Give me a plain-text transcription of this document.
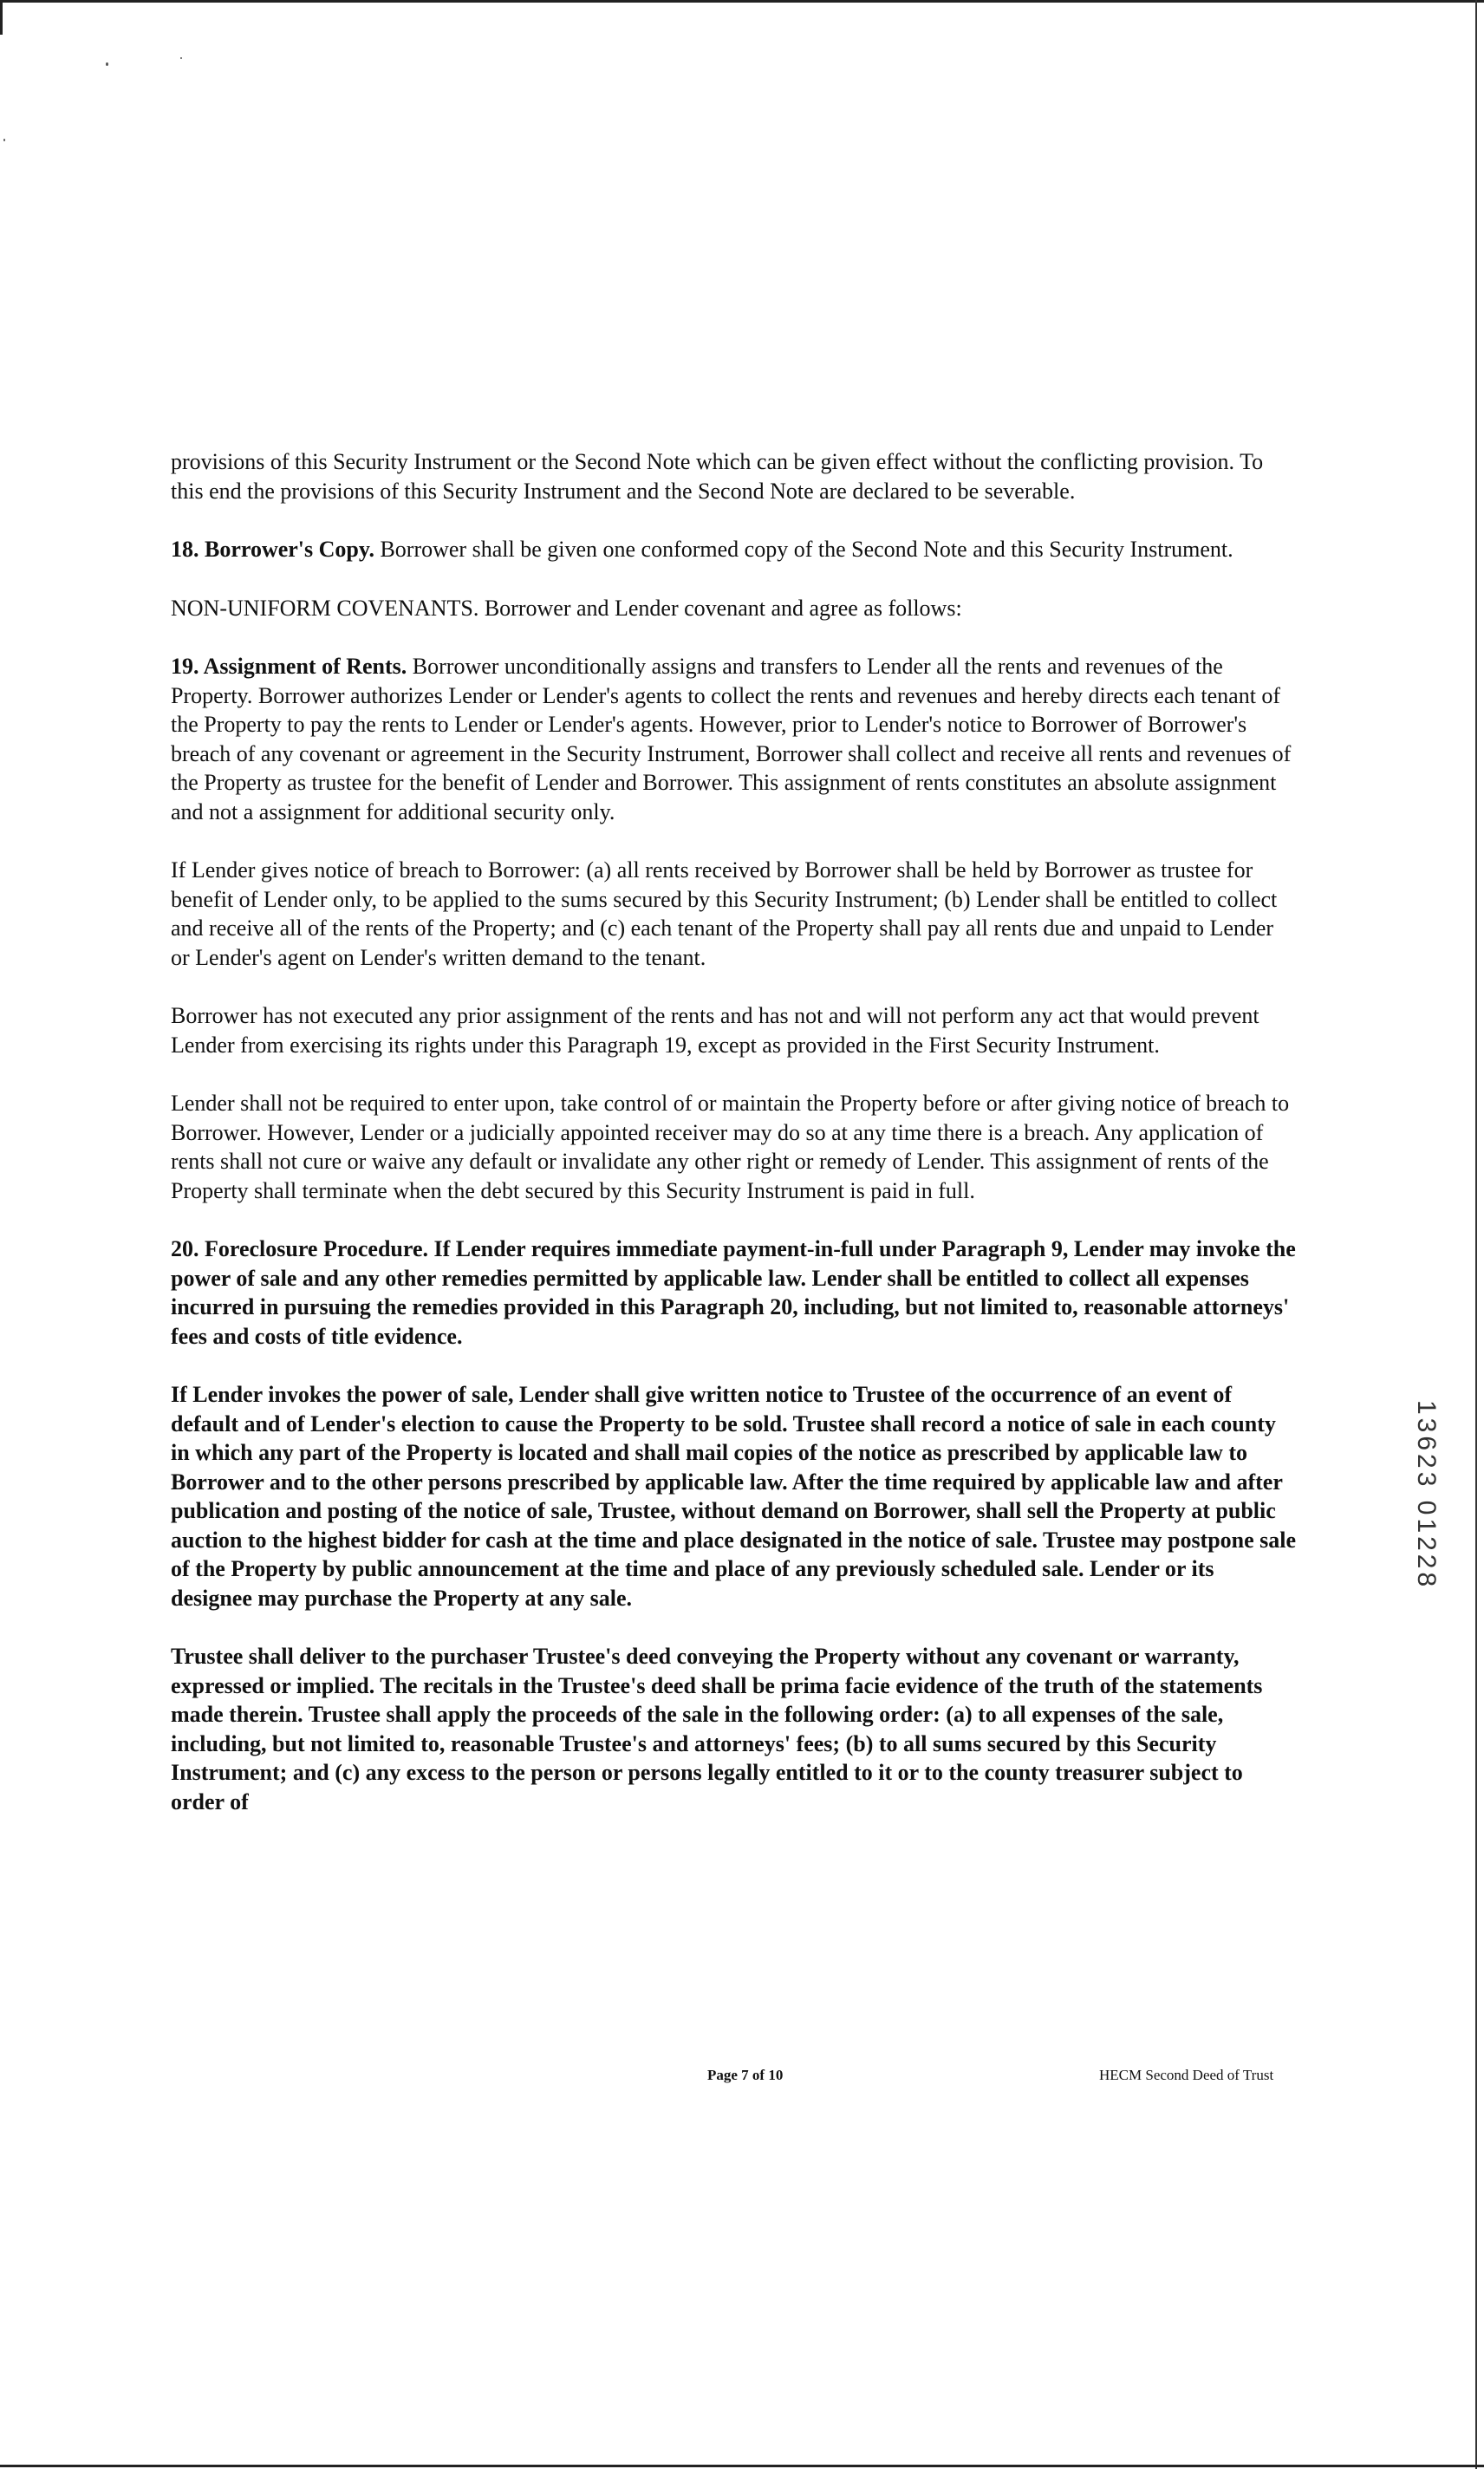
provisions of this Security Instrument or the Second Note which can be given effect without the conflicting provision. To this end the provisions of this Security Instrument and the Second Note are declared to be severable.

18. Borrower's Copy. Borrower shall be given one conformed copy of the Second Note and this Security Instrument.

NON-UNIFORM COVENANTS. Borrower and Lender covenant and agree as follows:

19. Assignment of Rents. Borrower unconditionally assigns and transfers to Lender all the rents and revenues of the Property. Borrower authorizes Lender or Lender's agents to collect the rents and revenues and hereby directs each tenant of the Property to pay the rents to Lender or Lender's agents. However, prior to Lender's notice to Borrower of Borrower's breach of any covenant or agreement in the Security Instrument, Borrower shall collect and receive all rents and revenues of the Property as trustee for the benefit of Lender and Borrower. This assignment of rents constitutes an absolute assignment and not a assignment for additional security only.

If Lender gives notice of breach to Borrower: (a) all rents received by Borrower shall be held by Borrower as trustee for benefit of Lender only, to be applied to the sums secured by this Security Instrument; (b) Lender shall be entitled to collect and receive all of the rents of the Property; and (c) each tenant of the Property shall pay all rents due and unpaid to Lender or Lender's agent on Lender's written demand to the tenant.

Borrower has not executed any prior assignment of the rents and has not and will not perform any act that would prevent Lender from exercising its rights under this Paragraph 19, except as provided in the First Security Instrument.

Lender shall not be required to enter upon, take control of or maintain the Property before or after giving notice of breach to Borrower. However, Lender or a judicially appointed receiver may do so at any time there is a breach. Any application of rents shall not cure or waive any default or invalidate any other right or remedy of Lender. This assignment of rents of the Property shall terminate when the debt secured by this Security Instrument is paid in full.

20. Foreclosure Procedure. If Lender requires immediate payment-in-full under Paragraph 9, Lender may invoke the power of sale and any other remedies permitted by applicable law. Lender shall be entitled to collect all expenses incurred in pursuing the remedies provided in this Paragraph 20, including, but not limited to, reasonable attorneys' fees and costs of title evidence.

If Lender invokes the power of sale, Lender shall give written notice to Trustee of the occurrence of an event of default and of Lender's election to cause the Property to be sold. Trustee shall record a notice of sale in each county in which any part of the Property is located and shall mail copies of the notice as prescribed by applicable law to Borrower and to the other persons prescribed by applicable law. After the time required by applicable law and after publication and posting of the notice of sale, Trustee, without demand on Borrower, shall sell the Property at public auction to the highest bidder for cash at the time and place designated in the notice of sale. Trustee may postpone sale of the Property by public announcement at the time and place of any previously scheduled sale. Lender or its designee may purchase the Property at any sale.

Trustee shall deliver to the purchaser Trustee's deed conveying the Property without any covenant or warranty, expressed or implied. The recitals in the Trustee's deed shall be prima facie evidence of the truth of the statements made therein. Trustee shall apply the proceeds of the sale in the following order: (a) to all expenses of the sale, including, but not limited to, reasonable Trustee's and attorneys' fees; (b) to all sums secured by this Security Instrument; and (c) any excess to the person or persons legally entitled to it or to the county treasurer subject to order of

Page 7 of 10	HECM Second Deed of Trust
13623 01228
